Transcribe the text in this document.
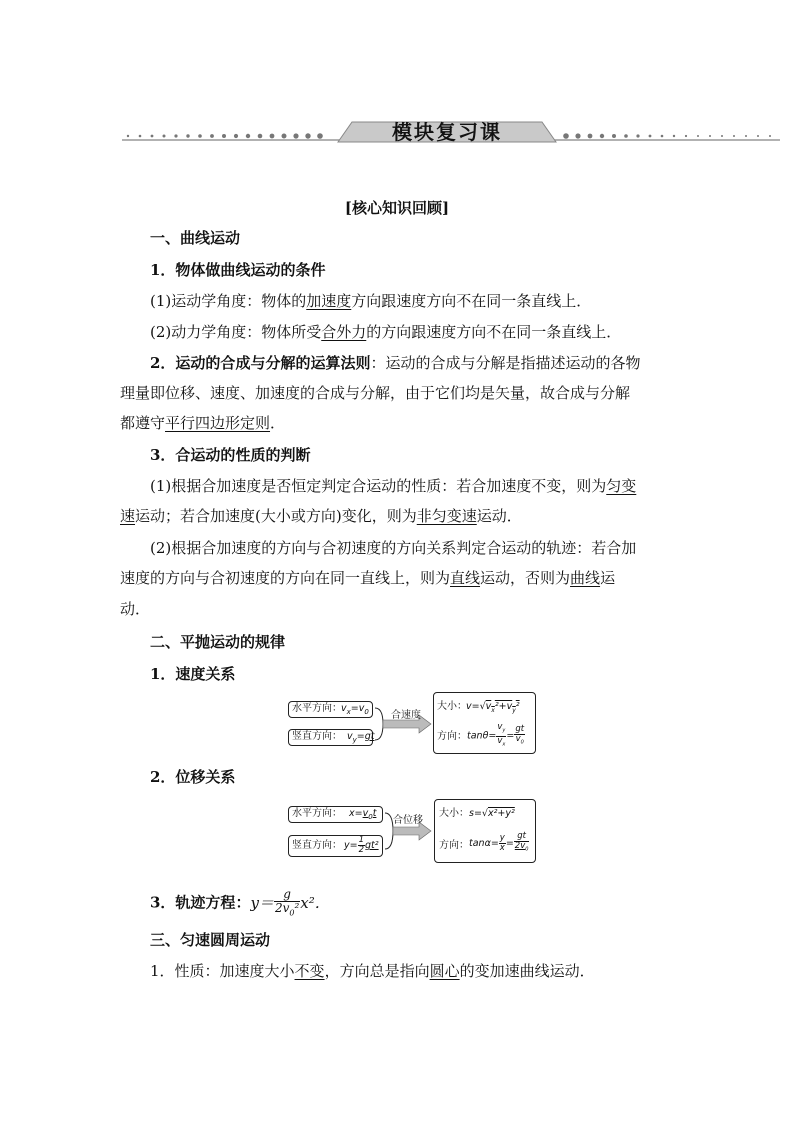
模块复习课
[核心知识回顾]
一、曲线运动
1．物体做曲线运动的条件
(1)运动学角度：物体的加速度方向跟速度方向不在同一条直线上．
(2)动力学角度：物体所受合外力的方向跟速度方向不在同一条直线上．
2．运动的合成与分解的运算法则：运动的合成与分解是指描述运动的各物
理量即位移、速度、加速度的合成与分解，由于它们均是矢量，故合成与分解
都遵守平行四边形定则．
3．合运动的性质的判断
(1)根据合加速度是否恒定判定合运动的性质：若合加速度不变，则为匀变
速运动；若合加速度(大小或方向)变化，则为非匀变速运动．
(2)根据合加速度的方向与合初速度的方向关系判定合运动的轨迹：若合加
速度的方向与合初速度的方向在同一直线上，则为直线运动，否则为曲线运
动．
二、平抛运动的规律
1．速度关系
水平方向： $v_x=v_0$
竖直方向： $v_y=gt$
合速度
大小： $v=√v_x^2+v_y^2$
方向： $\tan\theta= \frac{v_y}{v_x} = \frac{gt}{v_0}$
2．位移关系
水平方向： $x=v_0t$
竖直方向： $y= \frac{1}{2} gt^2$
合位移
大小： s=√x²+y²
方向： $\tan\alpha= \frac{y}{x} = \frac{gt}{2v_0}$
3．轨迹方程：$y= \frac{g}{2v_0^2} x^2$．
三、匀速圆周运动
1．性质：加速度大小不变，方向总是指向圆心的变加速曲线运动．
